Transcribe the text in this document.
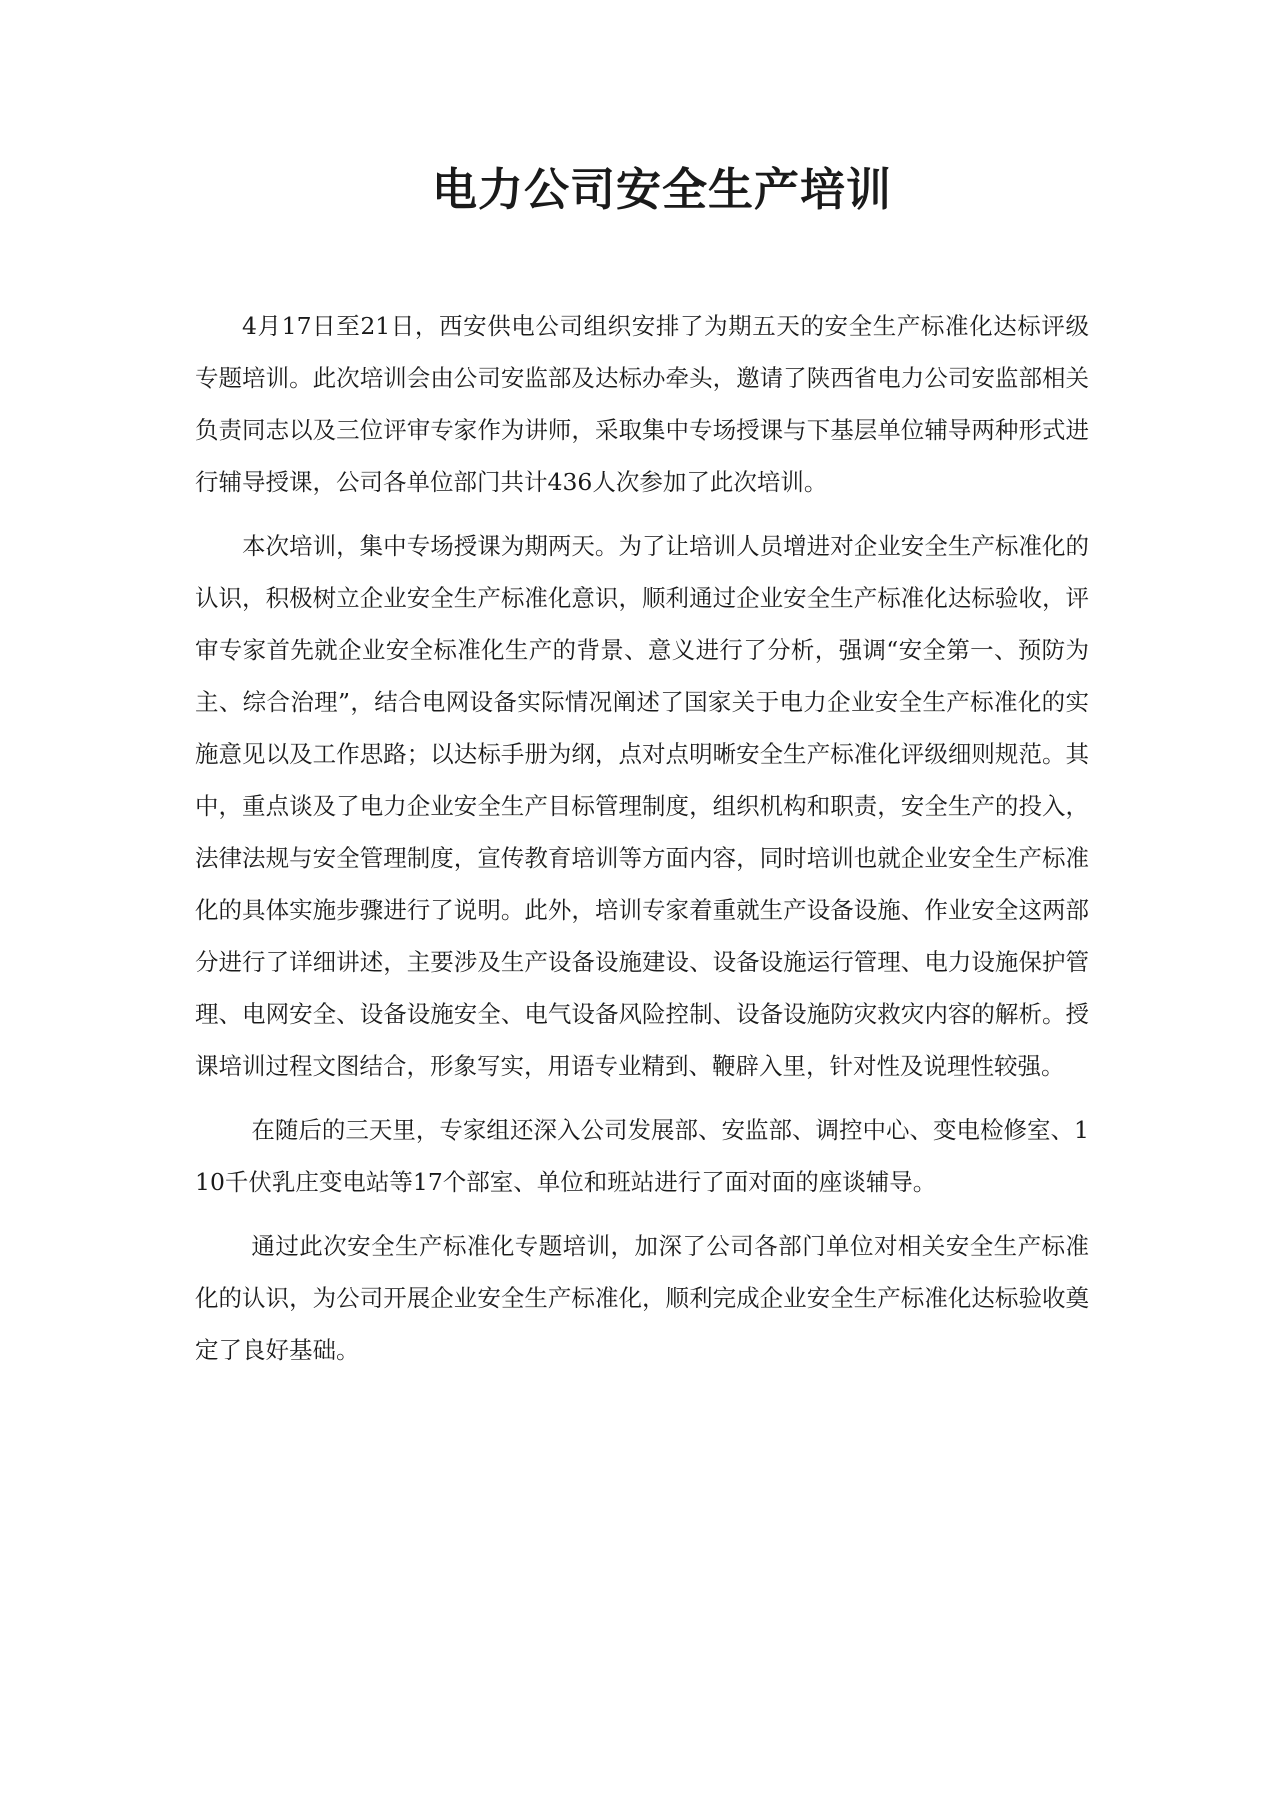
电力公司安全生产培训

4月17日至21日，西安供电公司组织安排了为期五天的安全生产标准化达标评级专题培训。此次培训会由公司安监部及达标办牵头，邀请了陕西省电力公司安监部相关负责同志以及三位评审专家作为讲师，采取集中专场授课与下基层单位辅导两种形式进行辅导授课，公司各单位部门共计436人次参加了此次培训。

本次培训，集中专场授课为期两天。为了让培训人员增进对企业安全生产标准化的认识，积极树立企业安全生产标准化意识，顺利通过企业安全生产标准化达标验收，评审专家首先就企业安全标准化生产的背景、意义进行了分析，强调“安全第一、预防为主、综合治理”，结合电网设备实际情况阐述了国家关于电力企业安全生产标准化的实施意见以及工作思路；以达标手册为纲，点对点明晰安全生产标准化评级细则规范。其中，重点谈及了电力企业安全生产目标管理制度，组织机构和职责，安全生产的投入，法律法规与安全管理制度，宣传教育培训等方面内容，同时培训也就企业安全生产标准化的具体实施步骤进行了说明。此外，培训专家着重就生产设备设施、作业安全这两部分进行了详细讲述，主要涉及生产设备设施建设、设备设施运行管理、电力设施保护管理、电网安全、设备设施安全、电气设备风险控制、设备设施防灾救灾内容的解析。授课培训过程文图结合，形象写实，用语专业精到、鞭辟入里，针对性及说理性较强。

在随后的三天里，专家组还深入公司发展部、安监部、调控中心、变电检修室、110千伏乳庄变电站等17个部室、单位和班站进行了面对面的座谈辅导。

通过此次安全生产标准化专题培训，加深了公司各部门单位对相关安全生产标准化的认识，为公司开展企业安全生产标准化，顺利完成企业安全生产标准化达标验收奠定了良好基础。
